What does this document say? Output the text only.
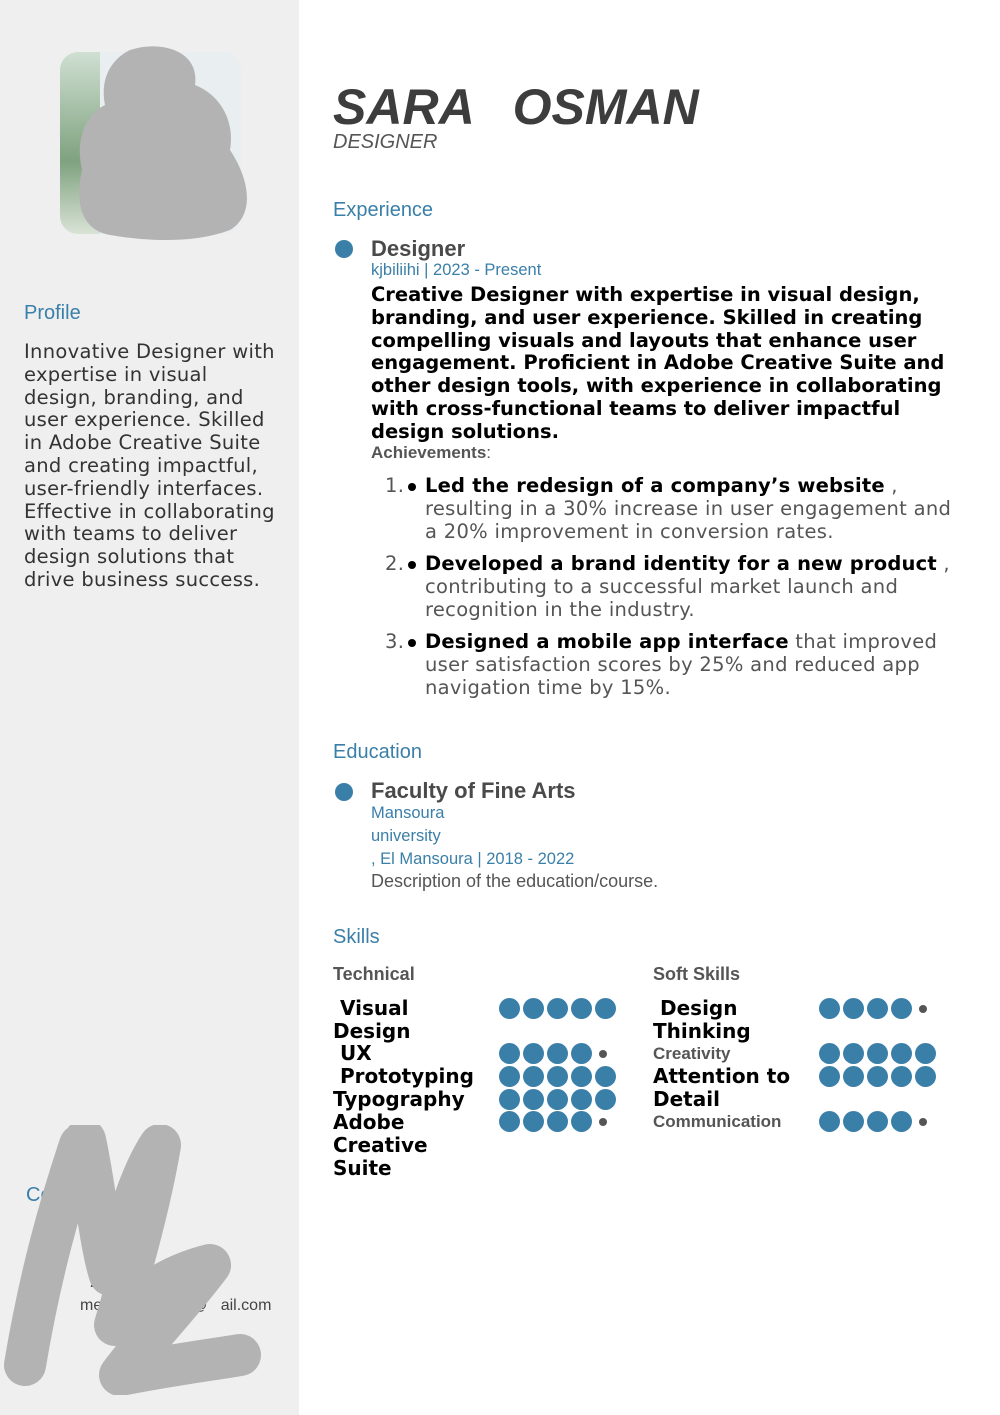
Profile
Innovative Designer with expertise in visual design, branding, and user experience. Skilled in Adobe Creative Suite and creating impactful, user-friendly interfaces. Effective in collaborating with teams to deliver design solutions that drive business success.
Co
ra
45
23
me                    @   ail.com
abo
d.ab
SARA  OSMAN
DESIGNER
Experience
Designer
kjbiliihi | 2023 - Present
Creative Designer with expertise in visual design, branding, and user experience. Skilled in creating compelling visuals and layouts that enhance user engagement. Proficient in Adobe Creative Suite and other design tools, with experience in collaborating with cross-functional teams to deliver impactful design solutions.
Achievements:
1. Led the redesign of a company’s website , resulting in a 30% increase in user engagement and a 20% improvement in conversion rates.
2. Developed a brand identity for a new product , contributing to a successful market launch and recognition in the industry.
3. Designed a mobile app interface that improved user satisfaction scores by 25% and reduced app navigation time by 15%.
Education
Faculty of Fine Arts
Mansoura
university
, El Mansoura | 2018 - 2022
Description of the education/course.
Skills
Technical	Soft Skills
Visual Design
UX
Prototyping
Typography
Adobe Creative Suite
Design Thinking
Creativity
Attention to Detail
Communication
